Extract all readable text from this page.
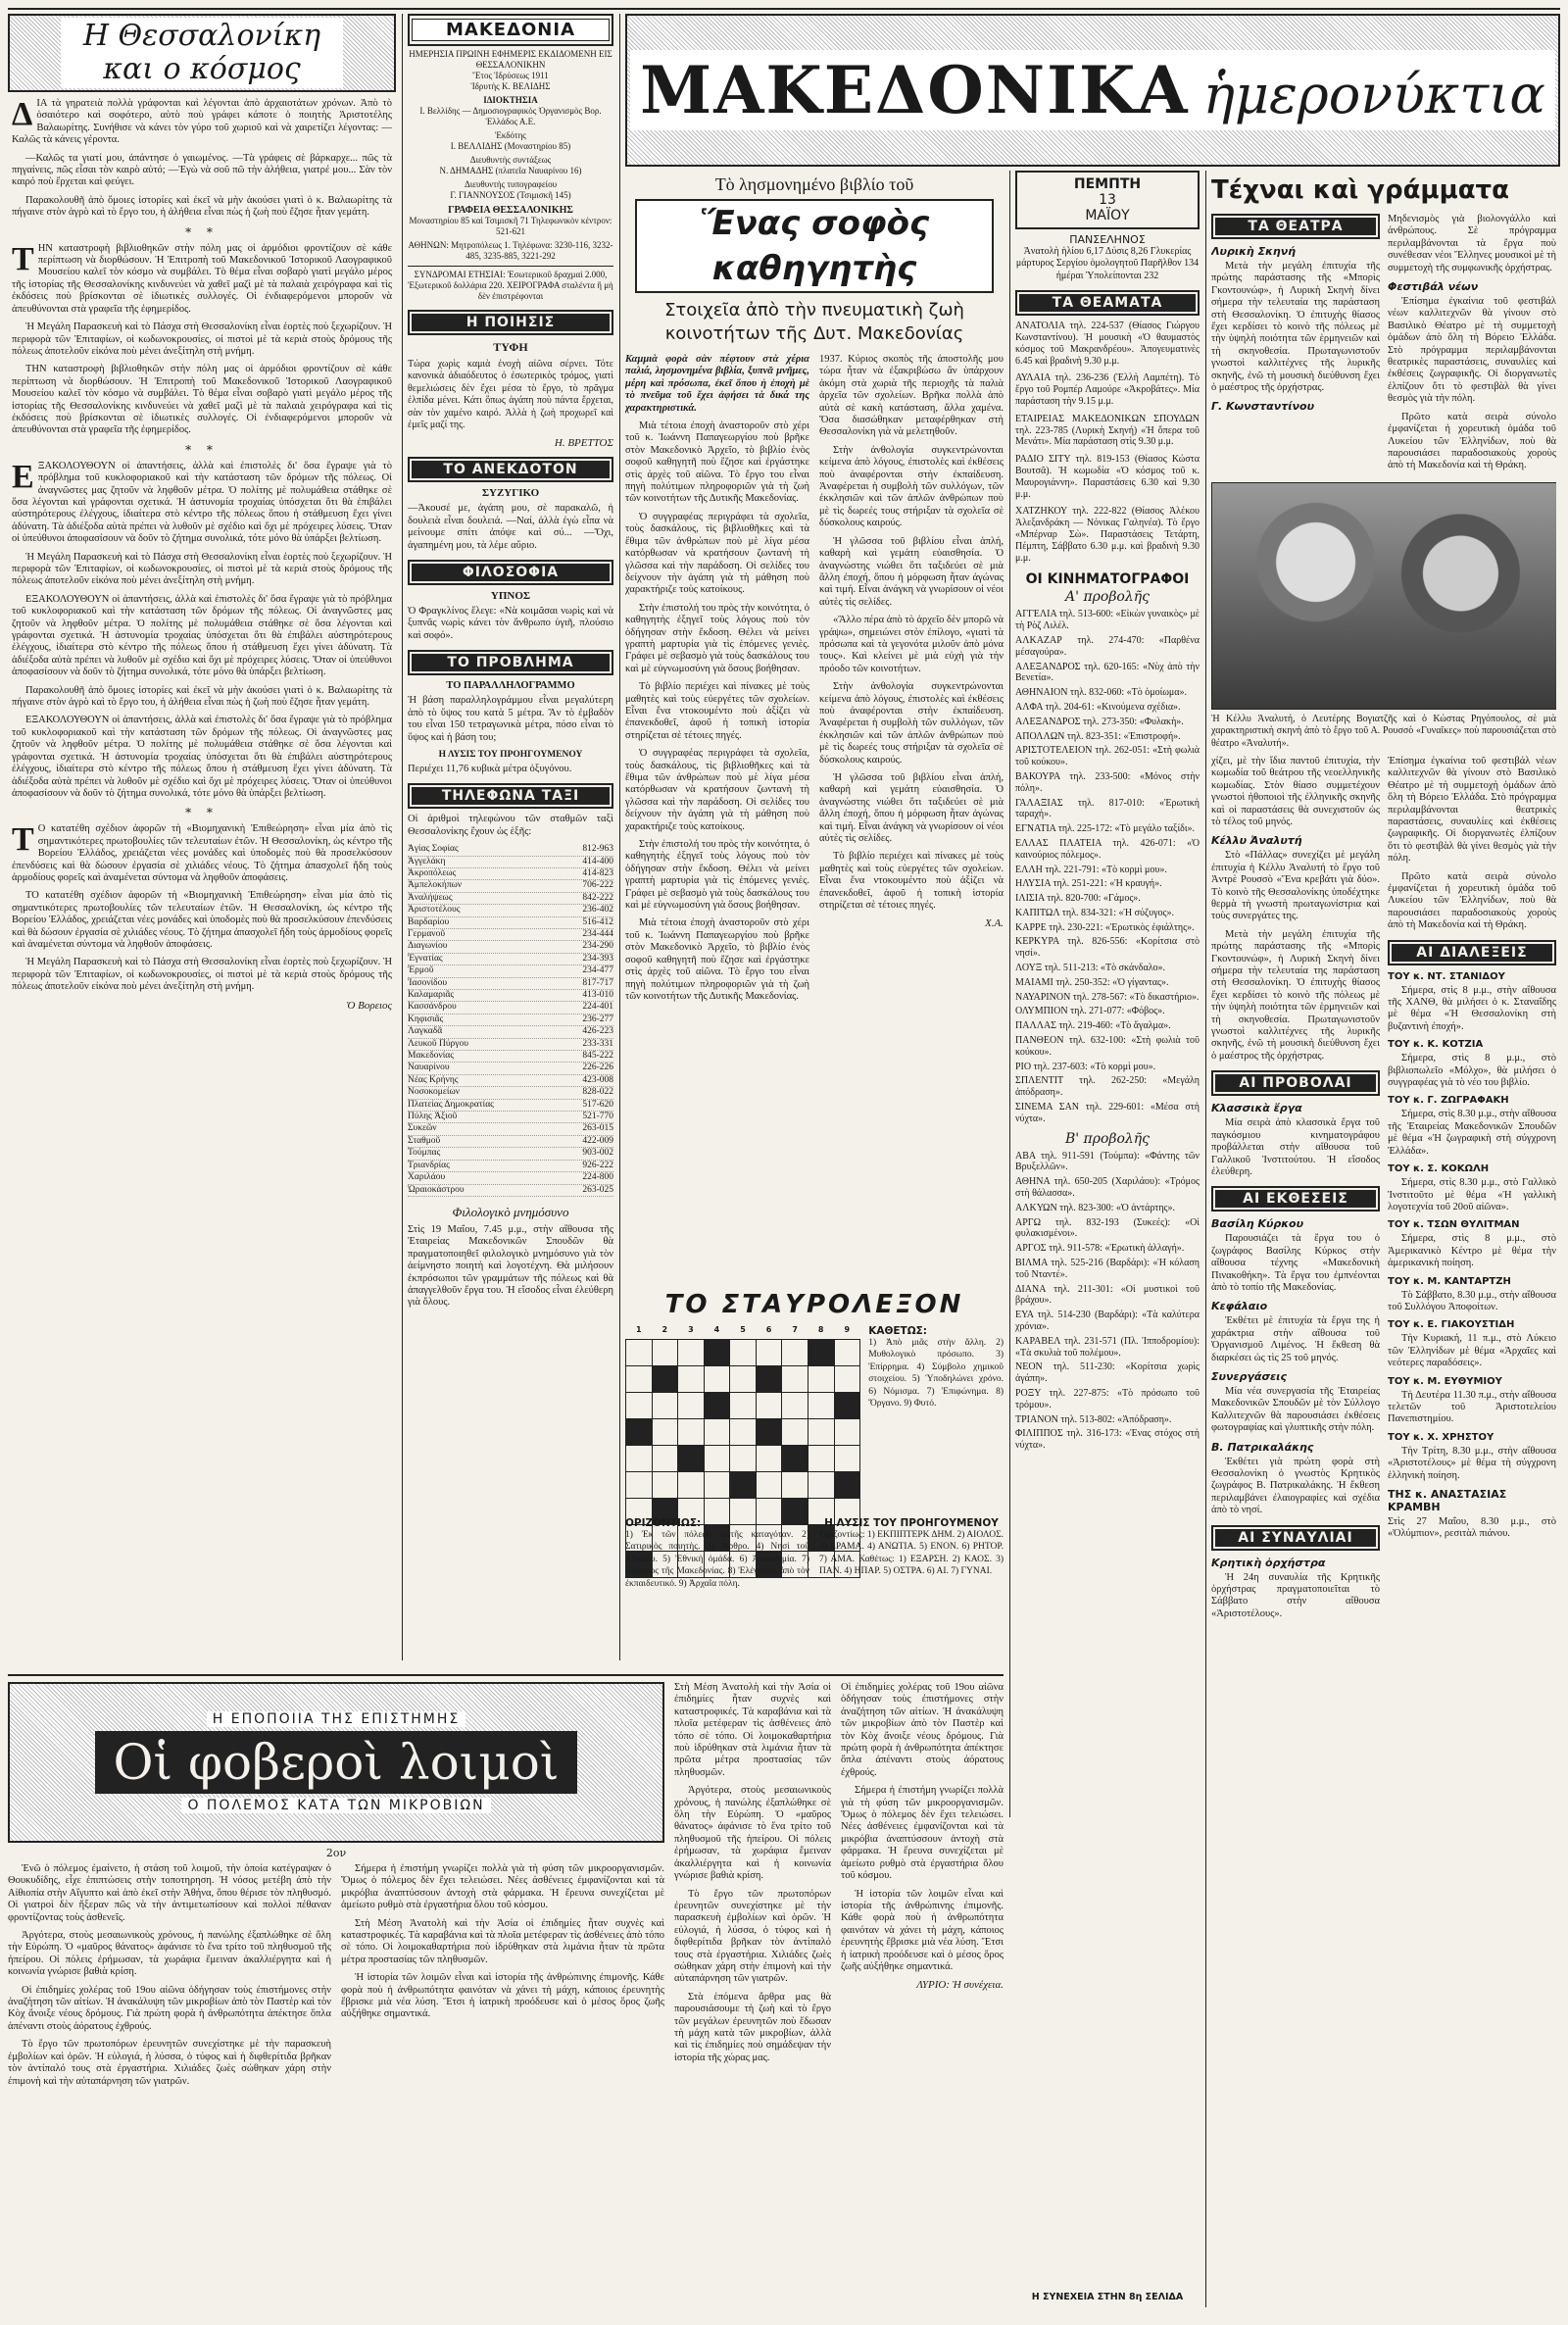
Η Θεσσαλονίκη και ο κόσμος

ΔΙΑ τὰ γηρατειὰ πολλὰ γράφονται καὶ λέγονται ἀπὸ ἀρχαιοτάτων χρόνων. Ἀπὸ τὸ ὁσαιότερο καὶ σοφότερο, αὐτὸ ποὺ γράφει κάποτε ὁ ποιητὴς Ἀριστοτέλης Βαλαωρίτης. Συνήθισε νὰ κάνει τὸν γύρο τοῦ χωριοῦ καὶ νὰ χαιρετίζει λέγοντας: —Καλῶς τὰ κάνεις γέροντα.

—Καλῶς τα γιατί μου, ἀπάντησε ὁ γαιωμένος. —Τὰ γράφεις σὲ βάρκαρχε... πῶς τὰ πηγαίνεις, πῶς εἶσαι τὸν καιρὸ αὐτό; —Ἐγὼ νὰ σοῦ πῶ τὴν ἀλήθεια, γιατρέ μου... Σὰν τὸν καιρό ποὺ ἔρχεται καὶ φεύγει.

Παρακολουθῆ ἀπὸ ὅμοιες ἰστορίες καὶ ἐκεῖ νὰ μὴν ἀκούσει γιατὶ ὁ κ. Βαλαωρίτης τὰ πήγαινε στὸν ἀγρὸ καὶ τὸ ἔργο του, ἡ ἀλήθεια εἶναι πὼς ἡ ζωὴ ποὺ ἔζησε ἦταν γεμάτη.

* *

ΤΗΝ καταστροφὴ βιβλιοθηκῶν στὴν πόλη μας οἱ ἀρμόδιοι φροντίζουν σὲ κάθε περίπτωση νὰ διορθώσουν. Ἡ Ἐπιτροπὴ τοῦ Μακεδονικοῦ Ἱστορικοῦ Λαογραφικοῦ Μουσείου καλεῖ τὸν κόσμο νὰ συμβάλει. Τὸ θέμα εἶναι σοβαρὸ γιατὶ μεγάλο μέρος τῆς ἱστορίας τῆς Θεσσαλονίκης κινδυνεύει νὰ χαθεῖ μαζὶ μὲ τὰ παλαιὰ χειρόγραφα καὶ τὶς ἐκδόσεις ποὺ βρίσκονται σὲ ἰδιωτικὲς συλλογές. Οἱ ἐνδιαφερόμενοι μποροῦν νὰ ἀπευθύνονται στὰ γραφεῖα τῆς ἐφημερίδος.

Ἡ Μεγάλη Παρασκευὴ καὶ τὸ Πάσχα στὴ Θεσσαλονίκη εἶναι ἑορτὲς ποὺ ξεχωρίζουν. Ἡ περιφορὰ τῶν Ἐπιταφίων, οἱ κωδωνοκρουσίες, οἱ πιστοὶ μὲ τὰ κεριὰ στοὺς δρόμους τῆς πόλεως ἀποτελοῦν εἰκόνα ποὺ μένει ἀνεξίτηλη στὴ μνήμη.

ΤΗΝ καταστροφὴ βιβλιοθηκῶν στὴν πόλη μας οἱ ἀρμόδιοι φροντίζουν σὲ κάθε περίπτωση νὰ διορθώσουν. Ἡ Ἐπιτροπὴ τοῦ Μακεδονικοῦ Ἱστορικοῦ Λαογραφικοῦ Μουσείου καλεῖ τὸν κόσμο νὰ συμβάλει. Τὸ θέμα εἶναι σοβαρὸ γιατὶ μεγάλο μέρος τῆς ἱστορίας τῆς Θεσσαλονίκης κινδυνεύει νὰ χαθεῖ μαζὶ μὲ τὰ παλαιὰ χειρόγραφα καὶ τὶς ἐκδόσεις ποὺ βρίσκονται σὲ ἰδιωτικὲς συλλογές. Οἱ ἐνδιαφερόμενοι μποροῦν νὰ ἀπευθύνονται στὰ γραφεῖα τῆς ἐφημερίδος.

* *

ΕΞΑΚΟΛΟΥΘΟΥΝ οἱ ἀπαντήσεις, ἀλλὰ καὶ ἐπιστολὲς δι' ὅσα ἔγραψε γιὰ τὸ πρόβλημα τοῦ κυκλοφοριακοῦ καὶ τὴν κατάσταση τῶν δρόμων τῆς πόλεως. Οἱ ἀναγνῶστες μας ζητοῦν νὰ ληφθοῦν μέτρα. Ὁ πολίτης μὲ πολυμάθεια στάθηκε σὲ ὅσα λέγονται καὶ γράφονται σχετικά. Ἡ ἀστυνομία τροχαίας ὑπόσχεται ὅτι θὰ ἐπιβάλει αὐστηρότερους ἐλέγχους, ἰδιαίτερα στὸ κέντρο τῆς πόλεως ὅπου ἡ στάθμευση ἔχει γίνει ἀδύνατη. Τὰ ἀδιέξοδα αὐτὰ πρέπει νὰ λυθοῦν μὲ σχέδιο καὶ ὄχι μὲ πρόχειρες λύσεις. Ὅταν οἱ ὑπεύθυνοι ἀποφασίσουν νὰ δοῦν τὸ ζήτημα συνολικά, τότε μόνο θὰ ὑπάρξει βελτίωση.

Ἡ Μεγάλη Παρασκευὴ καὶ τὸ Πάσχα στὴ Θεσσαλονίκη εἶναι ἑορτὲς ποὺ ξεχωρίζουν. Ἡ περιφορὰ τῶν Ἐπιταφίων, οἱ κωδωνοκρουσίες, οἱ πιστοὶ μὲ τὰ κεριὰ στοὺς δρόμους τῆς πόλεως ἀποτελοῦν εἰκόνα ποὺ μένει ἀνεξίτηλη στὴ μνήμη.

ΕΞΑΚΟΛΟΥΘΟΥΝ οἱ ἀπαντήσεις, ἀλλὰ καὶ ἐπιστολὲς δι' ὅσα ἔγραψε γιὰ τὸ πρόβλημα τοῦ κυκλοφοριακοῦ καὶ τὴν κατάσταση τῶν δρόμων τῆς πόλεως. Οἱ ἀναγνῶστες μας ζητοῦν νὰ ληφθοῦν μέτρα. Ὁ πολίτης μὲ πολυμάθεια στάθηκε σὲ ὅσα λέγονται καὶ γράφονται σχετικά. Ἡ ἀστυνομία τροχαίας ὑπόσχεται ὅτι θὰ ἐπιβάλει αὐστηρότερους ἐλέγχους, ἰδιαίτερα στὸ κέντρο τῆς πόλεως ὅπου ἡ στάθμευση ἔχει γίνει ἀδύνατη. Τὰ ἀδιέξοδα αὐτὰ πρέπει νὰ λυθοῦν μὲ σχέδιο καὶ ὄχι μὲ πρόχειρες λύσεις. Ὅταν οἱ ὑπεύθυνοι ἀποφασίσουν νὰ δοῦν τὸ ζήτημα συνολικά, τότε μόνο θὰ ὑπάρξει βελτίωση.

Παρακολουθῆ ἀπὸ ὅμοιες ἰστορίες καὶ ἐκεῖ νὰ μὴν ἀκούσει γιατὶ ὁ κ. Βαλαωρίτης τὰ πήγαινε στὸν ἀγρὸ καὶ τὸ ἔργο του, ἡ ἀλήθεια εἶναι πὼς ἡ ζωὴ ποὺ ἔζησε ἦταν γεμάτη.

ΕΞΑΚΟΛΟΥΘΟΥΝ οἱ ἀπαντήσεις, ἀλλὰ καὶ ἐπιστολὲς δι' ὅσα ἔγραψε γιὰ τὸ πρόβλημα τοῦ κυκλοφοριακοῦ καὶ τὴν κατάσταση τῶν δρόμων τῆς πόλεως. Οἱ ἀναγνῶστες μας ζητοῦν νὰ ληφθοῦν μέτρα. Ὁ πολίτης μὲ πολυμάθεια στάθηκε σὲ ὅσα λέγονται καὶ γράφονται σχετικά. Ἡ ἀστυνομία τροχαίας ὑπόσχεται ὅτι θὰ ἐπιβάλει αὐστηρότερους ἐλέγχους, ἰδιαίτερα στὸ κέντρο τῆς πόλεως ὅπου ἡ στάθμευση ἔχει γίνει ἀδύνατη. Τὰ ἀδιέξοδα αὐτὰ πρέπει νὰ λυθοῦν μὲ σχέδιο καὶ ὄχι μὲ πρόχειρες λύσεις. Ὅταν οἱ ὑπεύθυνοι ἀποφασίσουν νὰ δοῦν τὸ ζήτημα συνολικά, τότε μόνο θὰ ὑπάρξει βελτίωση.

* *

ΤΟ κατατέθη σχέδιον ἀφορῶν τὴ «Βιομηχανικὴ Ἐπιθεώρηση» εἶναι μία ἀπὸ τὶς σημαντικότερες πρωτοβουλίες τῶν τελευταίων ἐτῶν. Ἡ Θεσσαλονίκη, ὡς κέντρο τῆς Βορείου Ἑλλάδος, χρειάζεται νέες μονάδες καὶ ὑποδομὲς ποὺ θὰ προσελκύσουν ἐπενδύσεις καὶ θὰ δώσουν ἐργασία σὲ χιλιάδες νέους. Τὸ ζήτημα ἀπασχολεῖ ἤδη τοὺς ἀρμοδίους φορεῖς καὶ ἀναμένεται σύντομα νὰ ληφθοῦν ἀποφάσεις.

ΤΟ κατατέθη σχέδιον ἀφορῶν τὴ «Βιομηχανικὴ Ἐπιθεώρηση» εἶναι μία ἀπὸ τὶς σημαντικότερες πρωτοβουλίες τῶν τελευταίων ἐτῶν. Ἡ Θεσσαλονίκη, ὡς κέντρο τῆς Βορείου Ἑλλάδος, χρειάζεται νέες μονάδες καὶ ὑποδομὲς ποὺ θὰ προσελκύσουν ἐπενδύσεις καὶ θὰ δώσουν ἐργασία σὲ χιλιάδες νέους. Τὸ ζήτημα ἀπασχολεῖ ἤδη τοὺς ἀρμοδίους φορεῖς καὶ ἀναμένεται σύντομα νὰ ληφθοῦν ἀποφάσεις.

Ἡ Μεγάλη Παρασκευὴ καὶ τὸ Πάσχα στὴ Θεσσαλονίκη εἶναι ἑορτὲς ποὺ ξεχωρίζουν. Ἡ περιφορὰ τῶν Ἐπιταφίων, οἱ κωδωνοκρουσίες, οἱ πιστοὶ μὲ τὰ κεριὰ στοὺς δρόμους τῆς πόλεως ἀποτελοῦν εἰκόνα ποὺ μένει ἀνεξίτηλη στὴ μνήμη.

Ὁ Βορειος
ΜΑΚΕΔΟΝΙΑ
ΗΜΕΡΗΣΙΑ ΠΡΩΙΝΗ ΕΦΗΜΕΡΙΣ ΕΚΔΙΔΟΜΕΝΗ ΕΙΣ ΘΕΣΣΑΛΟΝΙΚΗΝ
Ἔτος Ἱδρύσεως 1911
Ἱδρυτὴς Κ. ΒΕΛΙΔΗΣ
ΙΔΙΟΚΤΗΣΙΑ
Ι. Βελλίδης — Δημοσιογραφικὸς Ὀργανισμὸς Βορ. Ἑλλάδος Α.Ε.
Ἐκδότης
Ι. ΒΕΛΛΙΔΗΣ (Μοναστηρίου 85)
Διευθυντὴς συντάξεως
Ν. ΔΗΜΑΔΗΣ (πλατεῖα Ναυαρίνου 16)
Διευθυντὴς τυπογραφείου
Γ. ΓΙΑΝΝΟΥΣΟΣ (Τσιμισκῆ 145)
ΓΡΑΦΕΙΑ ΘΕΣΣΑΛΟΝΙΚΗΣ
Μοναστηρίου 85 καὶ Τσιμισκῆ 71 Τηλεφωνικὸν κέντρον: 521-621
ΑΘΗΝΩΝ: Μητροπόλεως 1. Τηλέφωνα: 3230-116, 3232-485, 3235-885, 3221-292
ΣΥΝΔΡΟΜΑΙ ΕΤΗΣΙΑΙ: Ἐσωτερικοῦ δραχμαὶ 2.000, Ἐξωτερικοῦ δολλάρια 220. ΧΕΙΡΟΓΡΑΦΑ σταλέντα ἢ μὴ δὲν ἐπιστρέφονται
Η ΠΟΙΗΣΙΣ
ΤΥΦΗ

Τώρα χωρὶς καμιὰ ἐνοχὴ αἰῶνα σέρνει. Τότε κανονικὰ ἀδιαόδευτος ὁ ἐσωτερικὸς τρόμος, γιατὶ θεμελιώσεις δὲν ἔχει μέσα τὸ ἔργο, τὸ πρᾶγμα ἐλπίδα μένει. Κάτι ὅπως ἀγάπη ποὺ πάντα ἔρχεται, σὰν τὸν χαμένο καιρό. Ἀλλὰ ἡ ζωὴ προχωρεῖ καὶ ἐμεῖς μαζί της.

Η. ΒΡΕΤΤΟΣ
ΤΟ ΑΝΕΚΔΟΤΟΝ
ΣΥΖΥΓΙΚΟ

—Ἀκουσέ με, ἀγάπη μου, σὲ παρακαλῶ, ἡ δουλειὰ εἶναι δουλειά. —Ναί, ἀλλὰ ἐγὼ εἶπα νὰ μείνουμε σπίτι ἀπόψε καὶ σύ... —Ὄχι, ἀγαπημένη μου, τὰ λέμε αὔριο.

ΦΙΛΟΣΟΦΙΑ
ΥΠΝΟΣ

Ὁ Φραγκλίνος ἔλεγε: «Νὰ κοιμᾶσαι νωρὶς καὶ νὰ ξυπνᾶς νωρὶς κάνει τὸν ἄνθρωπο ὑγιῆ, πλούσιο καὶ σοφό».

ΤΟ ΠΡΟΒΛΗΜΑ
ΤΟ ΠΑΡΑΛΛΗΛΟΓΡΑΜΜΟ

Ἡ βάση παραλληλογράμμου εἶναι μεγαλύτερη ἀπὸ τὸ ὕψος του κατὰ 5 μέτρα. Ἂν τὸ ἐμβαδὸν του εἶναι 150 τετραγωνικὰ μέτρα, πόσο εἶναι τὸ ὕψος καὶ ἡ βάση του;

Η ΛΥΣΙΣ ΤΟΥ ΠΡΟΗΓΟΥΜΕΝΟΥ

Περιέχει 11,76 κυβικὰ μέτρα ὀξυγόνου.

ΤΗΛΕΦΩΝΑ ΤΑΞΙ

Οἱ ἀριθμοὶ τηλεφώνου τῶν σταθμῶν ταξὶ Θεσσαλονίκης ἔχουν ὡς ἑξῆς:

Ἁγίας Σοφίας	812-963
Ἀγγελάκη	414-400
Ἀκροπόλεως	414-823
Ἀμπελοκήπων	706-222
Ἀναλήψεως	842-222
Ἀριστοτέλους	236-402
Βαρδαρίου	516-412
Γερμανοῦ	234-444
Διαγωνίου	234-290
Ἐγνατίας	234-393
Ἑρμοῦ	234-477
Ἰασονίδου	817-717
Καλαμαριᾶς	413-010
Κασσάνδρου	224-401
Κηφισιᾶς	236-277
Λαγκαδᾶ	426-223
Λευκοῦ Πύργου	233-331
Μακεδονίας	845-222
Ναυαρίνου	226-226
Νέας Κρήνης	423-008
Νοσοκομείων	828-022
Πλατείας Δημοκρατίας	517-620
Πύλης Ἀξιοῦ	521-770
Συκεῶν	263-015
Σταθμοῦ	422-009
Τούμπας	903-002
Τριανδρίας	926-222
Χαριλάου	224-800
Ὡραιοκάστρου	263-025
Φιλολογικὸ μνημόσυνο

Στὶς 19 Μαΐου, 7.45 μ.μ., στὴν αἴθουσα τῆς Ἑταιρείας Μακεδονικῶν Σπουδῶν θὰ πραγματοποιηθεῖ φιλολογικὸ μνημόσυνο γιὰ τὸν ἀείμνηστο ποιητὴ καὶ λογοτέχνη. Θὰ μιλήσουν ἐκπρόσωποι τῶν γραμμάτων τῆς πόλεως καὶ θὰ ἀπαγγελθοῦν ἔργα του. Ἡ εἴσοδος εἶναι ἐλεύθερη γιὰ ὅλους.

ΜΑΚΕΔΟΝΙΚΑ ἡμερονύκτια
Τὸ λησμονημένο βιβλίο τοῦ
Ἕνας σοφὸς καθηγητὴς
Στοιχεῖα ἀπὸ τὴν πνευματικὴ ζωὴ κοινοτήτων τῆς Δυτ. Μακεδονίας

Καμμιὰ φορὰ σὰν πέφτουν στὰ χέρια παλιά, λησμονημένα βιβλία, ξυπνᾶ μνῆμες, μέρη καὶ πρόσωπα, ἐκεῖ ὅπου ἡ ἐποχὴ μὲ τὸ πνεῦμα τοῦ ἔχει ἀφήσει τὰ δικά της χαρακτηριστικά.

Μιὰ τέτοια ἐποχὴ ἀναστοροῦν στὸ χέρι τοῦ κ. Ἰωάννη Παπαγεωργίου ποὺ βρῆκε στὸν Μακεδονικὸ Ἀρχεῖο, τὸ βιβλίο ἑνὸς σοφοῦ καθηγητῆ ποὺ ἔζησε καὶ ἐργάστηκε στὶς ἀρχὲς τοῦ αἰῶνα. Τὸ ἔργο του εἶναι πηγὴ πολύτιμων πληροφοριῶν γιὰ τὴ ζωὴ τῶν κοινοτήτων τῆς Δυτικῆς Μακεδονίας.

Ὁ συγγραφέας περιγράφει τὰ σχολεῖα, τοὺς δασκάλους, τὶς βιβλιοθῆκες καὶ τὰ ἔθιμα τῶν ἀνθρώπων ποὺ μὲ λίγα μέσα κατόρθωσαν νὰ κρατήσουν ζωντανὴ τὴ γλῶσσα καὶ τὴν παράδοση. Οἱ σελίδες του δείχνουν τὴν ἀγάπη γιὰ τὴ μάθηση ποὺ χαρακτήριζε τοὺς κατοίκους.

Στὴν ἐπιστολή του πρὸς τὴν κοινότητα, ὁ καθηγητὴς ἐξηγεῖ τοὺς λόγους ποὺ τὸν ὁδήγησαν στὴν ἔκδοση. Θέλει νὰ μείνει γραπτὴ μαρτυρία γιὰ τὶς ἑπόμενες γενιὲς. Γράφει μὲ σεβασμὸ γιὰ τοὺς δασκάλους του καὶ μὲ εὐγνωμοσύνη γιὰ ὅσους βοήθησαν.

Τὸ βιβλίο περιέχει καὶ πίνακες μὲ τοὺς μαθητὲς καὶ τοὺς εὐεργέτες τῶν σχολείων. Εἶναι ἕνα ντοκουμέντο ποὺ ἀξίζει νὰ ἐπανεκδοθεῖ, ἀφοῦ ἡ τοπικὴ ἱστορία στηρίζεται σὲ τέτοιες πηγές.

Ὁ συγγραφέας περιγράφει τὰ σχολεῖα, τοὺς δασκάλους, τὶς βιβλιοθῆκες καὶ τὰ ἔθιμα τῶν ἀνθρώπων ποὺ μὲ λίγα μέσα κατόρθωσαν νὰ κρατήσουν ζωντανὴ τὴ γλῶσσα καὶ τὴν παράδοση. Οἱ σελίδες του δείχνουν τὴν ἀγάπη γιὰ τὴ μάθηση ποὺ χαρακτήριζε τοὺς κατοίκους.

Στὴν ἐπιστολή του πρὸς τὴν κοινότητα, ὁ καθηγητὴς ἐξηγεῖ τοὺς λόγους ποὺ τὸν ὁδήγησαν στὴν ἔκδοση. Θέλει νὰ μείνει γραπτὴ μαρτυρία γιὰ τὶς ἑπόμενες γενιὲς. Γράφει μὲ σεβασμὸ γιὰ τοὺς δασκάλους του καὶ μὲ εὐγνωμοσύνη γιὰ ὅσους βοήθησαν.

Μιὰ τέτοια ἐποχὴ ἀναστοροῦν στὸ χέρι τοῦ κ. Ἰωάννη Παπαγεωργίου ποὺ βρῆκε στὸν Μακεδονικὸ Ἀρχεῖο, τὸ βιβλίο ἑνὸς σοφοῦ καθηγητῆ ποὺ ἔζησε καὶ ἐργάστηκε στὶς ἀρχὲς τοῦ αἰῶνα. Τὸ ἔργο του εἶναι πηγὴ πολύτιμων πληροφοριῶν γιὰ τὴ ζωὴ τῶν κοινοτήτων τῆς Δυτικῆς Μακεδονίας.

1937. Κύριος σκοπὸς τῆς ἀποστολῆς μου τώρα ἦταν νὰ ἐξακριβώσω ἂν ὑπάρχουν ἀκόμη στὰ χωριὰ τῆς περιοχῆς τὰ παλιὰ ἀρχεῖα τῶν σχολείων. Βρῆκα πολλὰ ἀπὸ αὐτὰ σὲ κακὴ κατάσταση, ἄλλα χαμένα. Ὅσα διασώθηκαν μεταφέρθηκαν στὴ Θεσσαλονίκη γιὰ νὰ μελετηθοῦν.

Στὴν ἀνθολογία συγκεντρώνονται κείμενα ἀπὸ λόγους, ἐπιστολὲς καὶ ἐκθέσεις ποὺ ἀναφέρονται στὴν ἐκπαίδευση. Ἀναφέρεται ἡ συμβολὴ τῶν συλλόγων, τῶν ἐκκλησιῶν καὶ τῶν ἀπλῶν ἀνθρώπων ποὺ μὲ τὶς δωρεές τους στήριξαν τὰ σχολεῖα σὲ δύσκολους καιρούς.

Ἡ γλῶσσα τοῦ βιβλίου εἶναι ἁπλή, καθαρὴ καὶ γεμάτη εὐαισθησία. Ὁ ἀναγνώστης νιώθει ὅτι ταξιδεύει σὲ μιὰ ἄλλη ἐποχή, ὅπου ἡ μόρφωση ἦταν ἀγώνας καὶ τιμή. Εἶναι ἀνάγκη νὰ γνωρίσουν οἱ νέοι αὐτὲς τὶς σελίδες.

«Ἄλλο πέρα ἀπὸ τὸ ἀρχεῖο δὲν μπορῶ νὰ γράψω», σημειώνει στὸν ἐπίλογο, «γιατὶ τὰ πρόσωπα καὶ τὰ γεγονότα μιλοῦν ἀπὸ μόνα τους». Καὶ κλείνει μὲ μιὰ εὐχὴ γιὰ τὴν πρόοδο τῶν κοινοτήτων.

Στὴν ἀνθολογία συγκεντρώνονται κείμενα ἀπὸ λόγους, ἐπιστολὲς καὶ ἐκθέσεις ποὺ ἀναφέρονται στὴν ἐκπαίδευση. Ἀναφέρεται ἡ συμβολὴ τῶν συλλόγων, τῶν ἐκκλησιῶν καὶ τῶν ἀπλῶν ἀνθρώπων ποὺ μὲ τὶς δωρεές τους στήριξαν τὰ σχολεῖα σὲ δύσκολους καιρούς.

Ἡ γλῶσσα τοῦ βιβλίου εἶναι ἁπλή, καθαρὴ καὶ γεμάτη εὐαισθησία. Ὁ ἀναγνώστης νιώθει ὅτι ταξιδεύει σὲ μιὰ ἄλλη ἐποχή, ὅπου ἡ μόρφωση ἦταν ἀγώνας καὶ τιμή. Εἶναι ἀνάγκη νὰ γνωρίσουν οἱ νέοι αὐτὲς τὶς σελίδες.

Τὸ βιβλίο περιέχει καὶ πίνακες μὲ τοὺς μαθητὲς καὶ τοὺς εὐεργέτες τῶν σχολείων. Εἶναι ἕνα ντοκουμέντο ποὺ ἀξίζει νὰ ἐπανεκδοθεῖ, ἀφοῦ ἡ τοπικὴ ἱστορία στηρίζεται σὲ τέτοιες πηγές.

Χ.Α.
ΤΟ ΣΤΑΥΡΟΛΕΞΟΝ
1	2	3	4	5	6	7	8	9

								ΚΑΘΕΤΩΣ:

1) Ἀπὸ μιᾶς στὴν ἄλλη. 2) Μυθολογικὸ πρόσωπο. 3) Ἐπίρρημα. 4) Σύμβολο χημικοῦ στοιχείου. 5) Ὑποδηλώνει χρόνο. 6) Νόμισμα. 7) Ἐπιφώνημα. 8) Ὄργανο. 9) Φυτό.

ΟΡΙΖΟΝΤΙΩΣ:

1) Ἐκ τῶν πόλεων αὐτῆς καταγόταν. 2) Σατιρικὸς ποιητὴς. 3) Ἄρθρο. 4) Νησὶ τοῦ Αἰγαίου. 5) Ἐθνικὴ ὁμάδα. 6) Ἀντωνυμία. 7) Ποταμὸς τῆς Μακεδονίας. 8) Ἐλέγχεται ἀπὸ τὸν ἐκπαιδευτικό. 9) Ἀρχαῖα πόλη.

Η ΛΥΣΙΣ ΤΟΥ ΠΡΟΗΓΟΥΜΕΝΟΥ

Ὁριζοντίως: 1) ΕΚΠΙΠΤΕΡΚ ΔΗΜ. 2) ΑΙΟΛΟΣ. 3) ΔΡΑΜΑ. 4) ΑΝΩΤΙΑ. 5) ΕΝΟΝ. 6) ΡΗΤΟΡ. 7) ΑΜΑ. Καθέτως: 1) ΕΞΑΡΣΗ. 2) ΚΑΟΣ. 3) ΠΑΝ. 4) ΗΠΑΡ. 5) ΟΣΤΡΑ. 6) ΑΙ. 7) ΓΥΝΑΙ.

ΠΕΜΠΤΗ
13
ΜΑΪΟΥ
ΠΑΝΣΕΛΗΝΟΣ

Ἀνατολὴ ἡλίου 6,17 Δύσις 8,26 Γλυκερίας μάρτυρος Σεργίου ὁμολογητοῦ Παρῆλθον 134 ἡμέραι Ὑπολείπονται 232

ΤΑ ΘΕΑΜΑΤΑ

ΑΝΑΤΟΛΙΑ τηλ. 224-537 (Θίασος Γιώργου Κωνσταντίνου). Ἡ μουσικὴ «Ὁ θαυμαστὸς κόσμος τοῦ Μακρανδρέου». Ἀπογευματινὲς 6.45 καὶ βραδινὴ 9.30 μ.μ.

ΑΥΛΑΙΑ τηλ. 236-236 (Ἑλλὴ Λαμπέτη). Τὸ ἔργο τοῦ Ρομπέρ Λαμούρε «Ἀκροβάτες». Μία παράσταση τὴν 9.15 μ.μ.

ΕΤΑΙΡΕΙΑΣ ΜΑΚΕΔΟΝΙΚΩΝ ΣΠΟΥΔΩΝ τηλ. 223-785 (Λυρικὴ Σκηνή) «Ἡ ὄπερα τοῦ Μενάτι». Μία παράσταση στὶς 9.30 μ.μ.

ΡΑΔΙΟ ΣΙΤΥ τηλ. 819-153 (Θίασος Κώστα Βουτσᾶ). Ἡ κωμωδία «Ὁ κόσμος τοῦ κ. Μαυρογιάννη». Παραστάσεις 6.30 καὶ 9.30 μ.μ.

ΧΑΤΖΗΚΟΥ τηλ. 222-822 (Θίασος Ἀλέκου Ἀλεξανδράκη — Νόνικας Γαληνέα). Τὸ ἔργο «Μπέρναρ Σὼ». Παραστάσεις Τετάρτη, Πέμπτη, Σάββατο 6.30 μ.μ. καὶ βραδινὴ 9.30 μ.μ.

ΟΙ ΚΙΝΗΜΑΤΟΓΡΑΦΟΙ
Α' προβολῆς

ΑΓΓΕΛΙΑ τηλ. 513-600: «Εἰκὼν γυναικὸς» μὲ τὴ Ρὸζ Λιλέλ.

ΑΛΚΑΖΑΡ τηλ. 274-470: «Παρθένα μέσαγούρα».

ΑΛΕΞΑΝΔΡΟΣ τηλ. 620-165: «Νὺχ ἀπὸ τὴν Βενετία».

ΑΘΗΝΑΙΟΝ τηλ. 832-060: «Τὸ ὁμοίωμα».

ΑΛΦΑ τηλ. 204-61: «Κινούμενα σχέδια».

ΑΛΕΞΑΝΔΡΟΣ τηλ. 273-350: «Φυλακὴ».

ΑΠΟΛΛΩΝ τηλ. 823-351: «Ἐπιστροφή».

ΑΡΙΣΤΟΤΕΛΕΙΟΝ τηλ. 262-051: «Στὴ φωλιὰ τοῦ κούκου».

ΒΑΚΟΥΡΑ τηλ. 233-500: «Μόνος στὴν πόλη».

ΓΑΛΑΞΙΑΣ τηλ. 817-010: «Ἐρωτικὴ ταραχή».

ΕΓΝΑΤΙΑ τηλ. 225-172: «Τὸ μεγάλο ταξίδι».

ΕΛΛΑΣ ΠΛΑΤΕΙΑ τηλ. 426-071: «Ὁ καινούριος πόλεμος».

ΕΛΛΗ τηλ. 221-791: «Τὸ κορμὶ μου».

ΗΛΥΣΙΑ τηλ. 251-221: «Ἡ κραυγή».

ΙΛΙΣΙΑ τηλ. 820-700: «Γάμος».

ΚΑΠΙΤΩΛ τηλ. 834-321: «Ἡ σύζυγος».

ΚΑΡΡΕ τηλ. 230-221: «Ἐρωτικὸς ἐφιάλτης».

ΚΕΡΚΥΡΑ τηλ. 826-556: «Κορίτσια στὸ νησί».

ΛΟΥΞ τηλ. 511-213: «Τὸ σκάνδαλο».

ΜΑΙΑΜΙ τηλ. 250-352: «Ὁ γίγαντας».

ΝΑΥΑΡΙΝΟΝ τηλ. 278-567: «Τὸ δικαστήριο».

ΟΛΥΜΠΙΟΝ τηλ. 271-077: «Φόβος».

ΠΑΛΛΑΣ τηλ. 219-460: «Τὸ ἄγαλμα».

ΠΑΝΘΕΟΝ τηλ. 632-100: «Στὴ φωλιὰ τοῦ κούκου».

ΡΙΟ τηλ. 237-603: «Τὸ κορμὶ μου».

ΣΠΛΕΝΤΙΤ τηλ. 262-250: «Μεγάλη ἀπόδραση».

ΣΙΝΕΜΑ ΣΑΝ τηλ. 229-601: «Μέσα στὴ νύχτα».

Β' προβολῆς

ΑΒΑ τηλ. 911-591 (Τούμπα): «Φάντης τῶν Βρυξελλῶν».

ΑΘΗΝΑ τηλ. 650-205 (Χαριλάου): «Τρόμος στὴ θάλασσα».

ΑΛΚΥΩΝ τηλ. 823-300: «Ὁ ἀντάρτης».

ΑΡΓΩ τηλ. 832-193 (Συκεές): «Οἱ φυλακισμένοι».

ΑΡΓΟΣ τηλ. 911-578: «Ἐρωτικὴ ἀλλαγή».

ΒΙΛΜΑ τηλ. 525-216 (Βαρδάρι): «Ἡ κόλαση τοῦ Νταντέ».

ΔΙΑΝΑ τηλ. 211-301: «Οἱ μυστικοὶ τοῦ βράχου».

ΕΥΑ τηλ. 514-230 (Βαρδάρι): «Τὰ καλύτερα χρόνια».

ΚΑΡΑΒΕΛ τηλ. 231-571 (Πλ. Ἱπποδρομίου): «Τὰ σκυλιὰ τοῦ πολέμου».

ΝΕΟΝ τηλ. 511-230: «Κορίτσια χωρὶς ἀγάπη».

ΡΟΞΥ τηλ. 227-875: «Τὸ πρόσωπο τοῦ τρόμου».

ΤΡΙΑΝΟΝ τηλ. 513-802: «Ἀπόδραση».

ΦΙΛΙΠΠΟΣ τηλ. 316-173: «Ἐνας στόχος στὴ νύχτα».

Η ΣΥΝΕΧΕΙΑ ΣΤΗΝ 8η ΣΕΛΙΔΑ
Τέχναι καὶ γράμματα
ΤΑ ΘΕΑΤΡΑ
Λυρικὴ Σκηνή

Μετὰ τὴν μεγάλη ἐπιτυχία τῆς πρώτης παράστασης τῆς «Μπορὶς Γκοντουνώφ», ἡ Λυρικὴ Σκηνὴ δίνει σήμερα τὴν τελευταία της παράσταση στὴ Θεσσαλονίκη. Ὁ ἐπιτυχὴς θίασος ἔχει κερδίσει τὸ κοινὸ τῆς πόλεως μὲ τὴν ὑψηλὴ ποιότητα τῶν ἑρμηνειῶν καὶ τὴ σκηνοθεσία. Πρωταγωνιστοῦν γνωστοὶ καλλιτέχνες τῆς λυρικῆς σκηνῆς, ἐνῶ τὴ μουσικὴ διεύθυνση ἔχει ὁ μαέστρος τῆς ὀρχήστρας.

Γ. Κωνσταντίνου

Μηδενισμὸς γιὰ βιολονγάλλο καὶ ἀνθρώπους. Σὲ πρόγραμμα περιλαμβάνονται τὰ ἔργα ποὺ συνέθεσαν νέοι Ἕλληνες μουσικοὶ μὲ τὴ συμμετοχὴ τῆς συμφωνικῆς ὀρχήστρας.

Φεστιβάλ νέων

Ἐπίσημα ἐγκαίνια τοῦ φεστιβάλ νέων καλλιτεχνῶν θὰ γίνουν στὸ Βασιλικὸ Θέατρο μὲ τὴ συμμετοχὴ ὁμάδων ἀπὸ ὅλη τὴ Βόρειο Ἑλλάδα. Στὸ πρόγραμμα περιλαμβάνονται θεατρικὲς παραστάσεις, συναυλίες καὶ ἐκθέσεις ζωγραφικῆς. Οἱ διοργανωτὲς ἐλπίζουν ὅτι τὸ φεστιβὰλ θὰ γίνει θεσμὸς γιὰ τὴν πόλη.

Πρῶτο κατὰ σειρὰ σύνολο ἐμφανίζεται ἡ χορευτικὴ ὁμάδα τοῦ Λυκείου τῶν Ἑλληνίδων, ποὺ θὰ παρουσιάσει παραδοσιακοὺς χοροὺς ἀπὸ τὴ Μακεδονία καὶ τὴ Θράκη.

Ἡ Κέλλυ Ἀναλυτή, ὁ Λευτέρης Βογιατζῆς καὶ ὁ Κώστας Ρηγόπουλος, σὲ μιὰ χαρακτηριστικὴ σκηνὴ ἀπὸ τὸ ἔργο τοῦ Α. Ρουσσὸ «Γυναῖκες» ποὺ παρουσιάζεται στὸ θέατρο «Ἀναλυτή».

χίζει, μὲ τὴν ἴδια παντοῦ ἐπιτυχία, τὴν κωμωδία τοῦ θεάτρου τῆς νεοελληνικῆς κωμωδίας. Στὸν θίασο συμμετέχουν γνωστοὶ ἠθοποιοὶ τῆς ἐλληνικῆς σκηνῆς καὶ οἱ παραστάσεις θὰ συνεχιστοῦν ὡς τὸ τέλος τοῦ μηνός.

Κέλλυ Ἀναλυτή

Στὸ «Πάλλας» συνεχίζει μὲ μεγάλη ἐπιτυχία ἡ Κέλλυ Ἀναλυτή τὸ ἔργο τοῦ Ἀντρὲ Ρουσσὸ «Ἕνα κρεβάτι γιὰ δύο». Τὸ κοινὸ τῆς Θεσσαλονίκης ὑποδέχτηκε θερμὰ τὴ γνωστὴ πρωταγωνίστρια καὶ τοὺς συνεργάτες της.

Μετὰ τὴν μεγάλη ἐπιτυχία τῆς πρώτης παράστασης τῆς «Μπορὶς Γκοντουνώφ», ἡ Λυρικὴ Σκηνὴ δίνει σήμερα τὴν τελευταία της παράσταση στὴ Θεσσαλονίκη. Ὁ ἐπιτυχὴς θίασος ἔχει κερδίσει τὸ κοινὸ τῆς πόλεως μὲ τὴν ὑψηλὴ ποιότητα τῶν ἑρμηνειῶν καὶ τὴ σκηνοθεσία. Πρωταγωνιστοῦν γνωστοὶ καλλιτέχνες τῆς λυρικῆς σκηνῆς, ἐνῶ τὴ μουσικὴ διεύθυνση ἔχει ὁ μαέστρος τῆς ὀρχήστρας.

ΑΙ ΠΡΟΒΟΛΑΙ
Κλασσικὰ ἔργα

Μία σειρὰ ἀπὸ κλασσικὰ ἔργα τοῦ παγκόσμιου κινηματογράφου προβάλλεται στὴν αἴθουσα τοῦ Γαλλικοῦ Ἰνστιτούτου. Ἡ εἴσοδος ἐλεύθερη.

ΑΙ ΕΚΘΕΣΕΙΣ
Βασίλη Κύρκου

Παρουσιάζει τὰ ἔργα του ὁ ζωγράφος Βασίλης Κύρκος στὴν αἴθουσα τέχνης «Μακεδονικὴ Πινακοθήκη». Τὰ ἔργα του ἐμπνέονται ἀπὸ τὸ τοπίο τῆς Μακεδονίας.

Κεφάλαιο

Ἐκθέτει μὲ ἐπιτυχία τὰ ἔργα της ἡ χαράκτρια στὴν αἴθουσα τοῦ Ὀργανισμοῦ Λιμένος. Ἡ ἔκθεση θὰ διαρκέσει ὡς τὶς 25 τοῦ μηνός.

Συνεργάσεις

Μία νέα συνεργασία τῆς Ἑταιρείας Μακεδονικῶν Σπουδῶν μὲ τὸν Σύλλογο Καλλιτεχνῶν θὰ παρουσιάσει ἐκθέσεις φωτογραφίας καὶ γλυπτικῆς στὴν πόλη.

Β. Πατρικαλάκης

Ἐκθέτει γιὰ πρώτη φορὰ στὴ Θεσσαλονίκη ὁ γνωστὸς Κρητικὸς ζωγράφος Β. Πατρικαλάκης. Ἡ ἔκθεση περιλαμβάνει ἐλαιογραφίες καὶ σχέδια ἀπὸ τὸ νησί.

ΑΙ ΣΥΝΑΥΛΙΑΙ
Κρητικὴ ὀρχήστρα

Ἡ 24η συναυλία τῆς Κρητικῆς ὀρχήστρας πραγματοποιεῖται τὸ Σάββατο στὴν αἴθουσα «Ἀριστοτέλους».

Ἐπίσημα ἐγκαίνια τοῦ φεστιβάλ νέων καλλιτεχνῶν θὰ γίνουν στὸ Βασιλικὸ Θέατρο μὲ τὴ συμμετοχὴ ὁμάδων ἀπὸ ὅλη τὴ Βόρειο Ἑλλάδα. Στὸ πρόγραμμα περιλαμβάνονται θεατρικὲς παραστάσεις, συναυλίες καὶ ἐκθέσεις ζωγραφικῆς. Οἱ διοργανωτὲς ἐλπίζουν ὅτι τὸ φεστιβὰλ θὰ γίνει θεσμὸς γιὰ τὴν πόλη.

Πρῶτο κατὰ σειρὰ σύνολο ἐμφανίζεται ἡ χορευτικὴ ὁμάδα τοῦ Λυκείου τῶν Ἑλληνίδων, ποὺ θὰ παρουσιάσει παραδοσιακοὺς χοροὺς ἀπὸ τὴ Μακεδονία καὶ τὴ Θράκη.

ΑΙ ΔΙΑΛΕΞΕΙΣ
ΤΟΥ κ. ΝΤ. ΣΤΑΝΙΔΟΥ

Σήμερα, στὶς 8 μ.μ., στὴν αἴθουσα τῆς ΧΑΝΘ, θὰ μιλήσει ὁ κ. Σταναΐδης μὲ θέμα «Ἡ Θεσσαλονίκη στὴ βυζαντινὴ ἐποχή».

ΤΟΥ κ. Κ. ΚΟΤΖΙΑ

Σήμερα, στὶς 8 μ.μ., στὸ βιβλιοπωλεῖο «Μόλχο», θὰ μιλήσει ὁ συγγραφέας γιὰ τὸ νέο του βιβλίο.

ΤΟΥ κ. Γ. ΖΩΓΡΑΦΑΚΗ

Σήμερα, στὶς 8.30 μ.μ., στὴν αἴθουσα τῆς Ἑταιρείας Μακεδονικῶν Σπουδῶν μὲ θέμα «Ἡ ζωγραφικὴ στὴ σύγχρονη Ἑλλάδα».

ΤΟΥ κ. Σ. ΚΟΚΩΛΗ

Σήμερα, στὶς 8.30 μ.μ., στὸ Γαλλικὸ Ἰνστιτοῦτο μὲ θέμα «Ἡ γαλλικὴ λογοτεχνία τοῦ 20οῦ αἰῶνα».

ΤΟΥ κ. ΤΣΩΝ ΘΥΛΙΤΜΑΝ

Σήμερα, στὶς 8 μ.μ., στὸ Ἀμερικανικὸ Κέντρο μὲ θέμα τὴν ἀμερικανικὴ ποίηση.

ΤΟΥ κ. Μ. ΚΑΝΤΑΡΤΖΗ

Τὸ Σάββατο, 8.30 μ.μ., στὴν αἴθουσα τοῦ Συλλόγου Ἀποφοίτων.

ΤΟΥ κ. Ε. ΓΙΑΚΟΥΣΤΙΔΗ

Τὴν Κυριακή, 11 π.μ., στὸ Λύκειο τῶν Ἑλληνίδων μὲ θέμα «Ἀρχαῖες καὶ νεότερες παραδόσεις».

ΤΟΥ κ. Μ. ΕΥΘΥΜΙΟΥ

Τὴ Δευτέρα 11.30 π.μ., στὴν αἴθουσα τελετῶν τοῦ Ἀριστοτελείου Πανεπιστημίου.

ΤΟΥ κ. Χ. ΧΡΗΣΤΟΥ

Τὴν Τρίτη, 8.30 μ.μ., στὴν αἴθουσα «Ἀριστοτέλους» μὲ θέμα τὴ σύγχρονη ἑλληνικὴ ποίηση.

ΤΗΣ κ. ΑΝΑΣΤΑΣΙΑΣ ΚΡΑΜΒΗ

Στὶς 27 Μαΐου, 8.30 μ.μ., στὸ «Ὀλύμπιον», ρεσιτὰλ πιάνου.

Η ΕΠΟΠΟΙΙΑ ΤΗΣ ΕΠΙΣΤΗΜΗΣ
Οἱ φοβεροὶ λοιμοὶ
Ο ΠΟΛΕΜΟΣ ΚΑΤΑ ΤΩΝ ΜΙΚΡΟΒΙΩΝ
2ον

Ἐνῶ ὁ πόλεμος ἐμαίνετο, ἡ στάση τοῦ λοιμοῦ, τὴν ὁποία κατέγραψαν ὁ Θουκυδίδης, εἶχε ἐπιπτώσεις στὴν τοποτηρηση. Ἡ νόσος μετέβη ἀπὸ τὴν Αἰθιοπία στὴν Αἴγυπτο καὶ ἀπὸ ἐκεῖ στὴν Ἀθήνα, ὅπου θέρισε τὸν πληθυσμό. Οἱ γιατροὶ δὲν ἤξεραν πῶς νὰ τὴν ἀντιμετωπίσουν καὶ πολλοὶ πέθαναν φροντίζοντας τοὺς ἀσθενεῖς.

Ἀργότερα, στοὺς μεσαιωνικοὺς χρόνους, ἡ πανώλης ἐξαπλώθηκε σὲ ὅλη τὴν Εὐρώπη. Ὁ «μαῦρος θάνατος» ἀφάνισε τὸ ἕνα τρίτο τοῦ πληθυσμοῦ τῆς ἠπείρου. Οἱ πόλεις ἐρήμωσαν, τὰ χωράφια ἔμειναν ἀκαλλιέργητα καὶ ἡ κοινωνία γνώρισε βαθιὰ κρίση.

Οἱ ἐπιδημίες χολέρας τοῦ 19ου αἰῶνα ὁδήγησαν τοὺς ἐπιστήμονες στὴν ἀναζήτηση τῶν αἰτίων. Ἡ ἀνακάλυψη τῶν μικροβίων ἀπὸ τὸν Παστὲρ καὶ τὸν Κὸχ ἄνοιξε νέους δρόμους. Γιὰ πρώτη φορὰ ἡ ἀνθρωπότητα ἀπέκτησε ὅπλα ἀπέναντι στοὺς ἀόρατους ἐχθρούς.

Τὸ ἔργο τῶν πρωτοπόρων ἐρευνητῶν συνεχίστηκε μὲ τὴν παρασκευὴ ἐμβολίων καὶ ὀρῶν. Ἡ εὐλογιά, ἡ λύσσα, ὁ τύφος καὶ ἡ διφθερίτιδα βρῆκαν τὸν ἀντίπαλό τους στὰ ἐργαστήρια. Χιλιάδες ζωὲς σώθηκαν χάρη στὴν ἐπιμονὴ καὶ τὴν αὐταπάρνηση τῶν γιατρῶν.

Σήμερα ἡ ἐπιστήμη γνωρίζει πολλὰ γιὰ τὴ φύση τῶν μικροοργανισμῶν. Ὅμως ὁ πόλεμος δὲν ἔχει τελειώσει. Νέες ἀσθένειες ἐμφανίζονται καὶ τὰ μικρόβια ἀναπτύσσουν ἀντοχὴ στὰ φάρμακα. Ἡ ἔρευνα συνεχίζεται μὲ ἀμείωτο ρυθμὸ στὰ ἐργαστήρια ὅλου τοῦ κόσμου.

Στὴ Μέση Ἀνατολὴ καὶ τὴν Ἀσία οἱ ἐπιδημίες ἦταν συχνὲς καὶ καταστροφικές. Τὰ καραβάνια καὶ τὰ πλοῖα μετέφεραν τὶς ἀσθένειες ἀπὸ τόπο σὲ τόπο. Οἱ λοιμοκαθαρτήρια ποὺ ἱδρύθηκαν στὰ λιμάνια ἦταν τὰ πρῶτα μέτρα προστασίας τῶν πληθυσμῶν.

Ἡ ἱστορία τῶν λοιμῶν εἶναι καὶ ἱστορία τῆς ἀνθρώπινης ἐπιμονῆς. Κάθε φορὰ ποὺ ἡ ἀνθρωπότητα φαινόταν νὰ χάνει τὴ μάχη, κάποιος ἐρευνητὴς ἔβρισκε μιὰ νέα λύση. Ἔτσι ἡ ἰατρικὴ προόδευσε καὶ ὁ μέσος ὅρος ζωῆς αὐξήθηκε σημαντικά.

Στὴ Μέση Ἀνατολὴ καὶ τὴν Ἀσία οἱ ἐπιδημίες ἦταν συχνὲς καὶ καταστροφικές. Τὰ καραβάνια καὶ τὰ πλοῖα μετέφεραν τὶς ἀσθένειες ἀπὸ τόπο σὲ τόπο. Οἱ λοιμοκαθαρτήρια ποὺ ἱδρύθηκαν στὰ λιμάνια ἦταν τὰ πρῶτα μέτρα προστασίας τῶν πληθυσμῶν.

Ἀργότερα, στοὺς μεσαιωνικοὺς χρόνους, ἡ πανώλης ἐξαπλώθηκε σὲ ὅλη τὴν Εὐρώπη. Ὁ «μαῦρος θάνατος» ἀφάνισε τὸ ἕνα τρίτο τοῦ πληθυσμοῦ τῆς ἠπείρου. Οἱ πόλεις ἐρήμωσαν, τὰ χωράφια ἔμειναν ἀκαλλιέργητα καὶ ἡ κοινωνία γνώρισε βαθιὰ κρίση.

Τὸ ἔργο τῶν πρωτοπόρων ἐρευνητῶν συνεχίστηκε μὲ τὴν παρασκευὴ ἐμβολίων καὶ ὀρῶν. Ἡ εὐλογιά, ἡ λύσσα, ὁ τύφος καὶ ἡ διφθερίτιδα βρῆκαν τὸν ἀντίπαλό τους στὰ ἐργαστήρια. Χιλιάδες ζωὲς σώθηκαν χάρη στὴν ἐπιμονὴ καὶ τὴν αὐταπάρνηση τῶν γιατρῶν.

Στὰ ἑπόμενα ἄρθρα μας θὰ παρουσιάσουμε τὴ ζωὴ καὶ τὸ ἔργο τῶν μεγάλων ἐρευνητῶν ποὺ ἔδωσαν τὴ μάχη κατὰ τῶν μικροβίων, ἀλλὰ καὶ τὶς ἐπιδημίες ποὺ σημάδεψαν τὴν ἱστορία τῆς χώρας μας.

Οἱ ἐπιδημίες χολέρας τοῦ 19ου αἰῶνα ὁδήγησαν τοὺς ἐπιστήμονες στὴν ἀναζήτηση τῶν αἰτίων. Ἡ ἀνακάλυψη τῶν μικροβίων ἀπὸ τὸν Παστὲρ καὶ τὸν Κὸχ ἄνοιξε νέους δρόμους. Γιὰ πρώτη φορὰ ἡ ἀνθρωπότητα ἀπέκτησε ὅπλα ἀπέναντι στοὺς ἀόρατους ἐχθρούς.

Σήμερα ἡ ἐπιστήμη γνωρίζει πολλὰ γιὰ τὴ φύση τῶν μικροοργανισμῶν. Ὅμως ὁ πόλεμος δὲν ἔχει τελειώσει. Νέες ἀσθένειες ἐμφανίζονται καὶ τὰ μικρόβια ἀναπτύσσουν ἀντοχὴ στὰ φάρμακα. Ἡ ἔρευνα συνεχίζεται μὲ ἀμείωτο ρυθμὸ στὰ ἐργαστήρια ὅλου τοῦ κόσμου.

Ἡ ἱστορία τῶν λοιμῶν εἶναι καὶ ἱστορία τῆς ἀνθρώπινης ἐπιμονῆς. Κάθε φορὰ ποὺ ἡ ἀνθρωπότητα φαινόταν νὰ χάνει τὴ μάχη, κάποιος ἐρευνητὴς ἔβρισκε μιὰ νέα λύση. Ἔτσι ἡ ἰατρικὴ προόδευσε καὶ ὁ μέσος ὅρος ζωῆς αὐξήθηκε σημαντικά.

ΛΥΡΙΟ: Ἡ συνέχεια.
